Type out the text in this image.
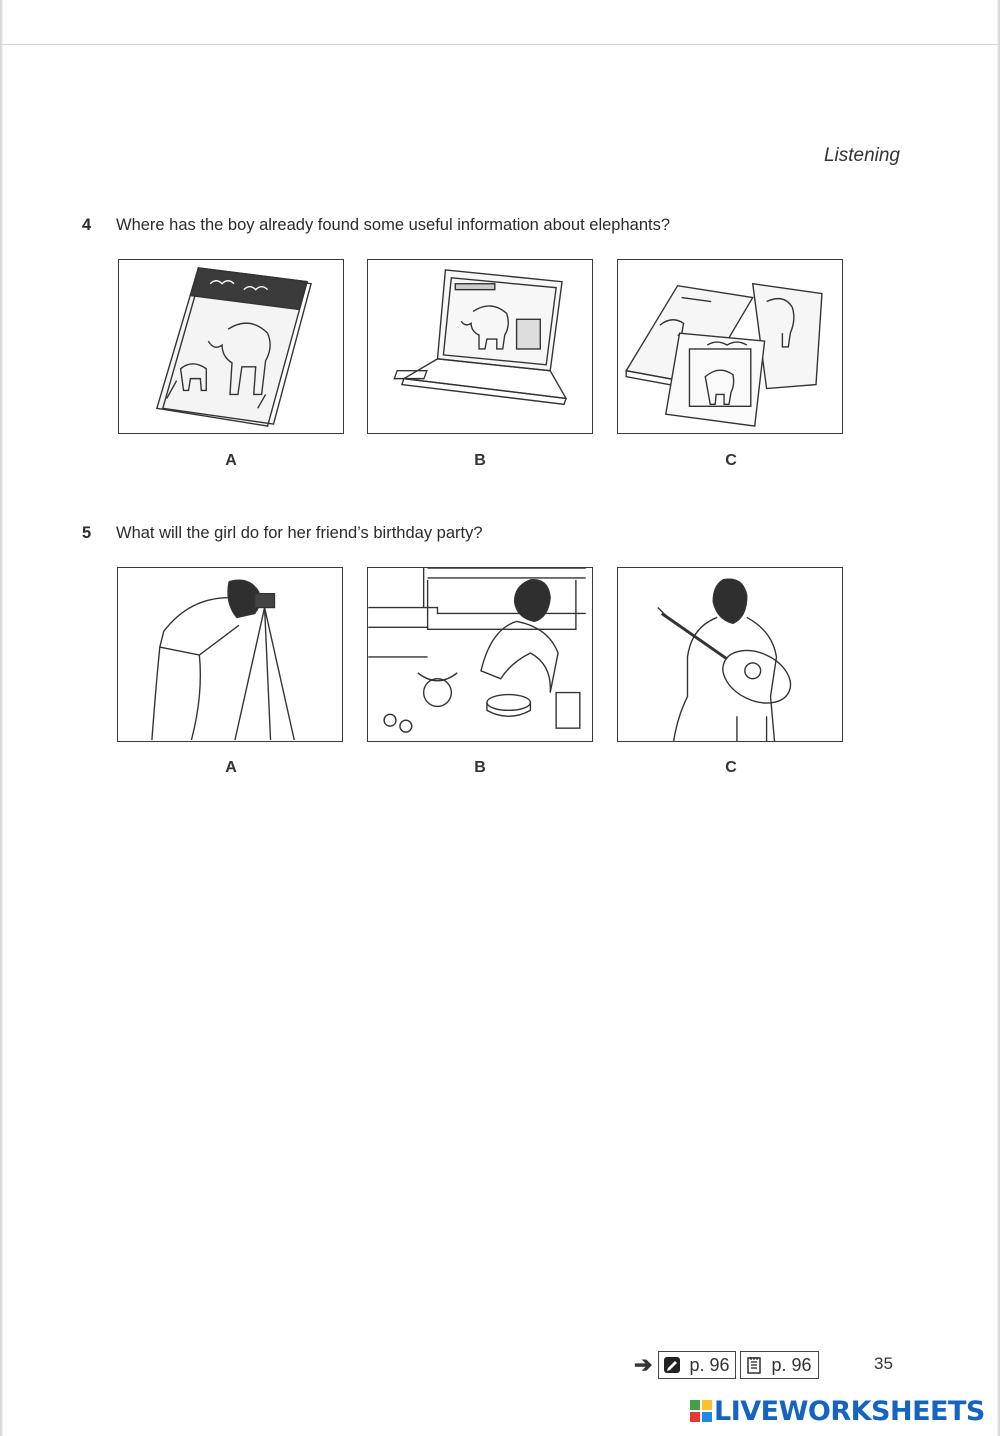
Listening
4 Where has the boy already found some useful information about elephants?
A	B	C
5 What will the girl do for her friend’s birthday party?
A	B	C
➔ p. 96 p. 96	35
LIVEWORKSHEETS
